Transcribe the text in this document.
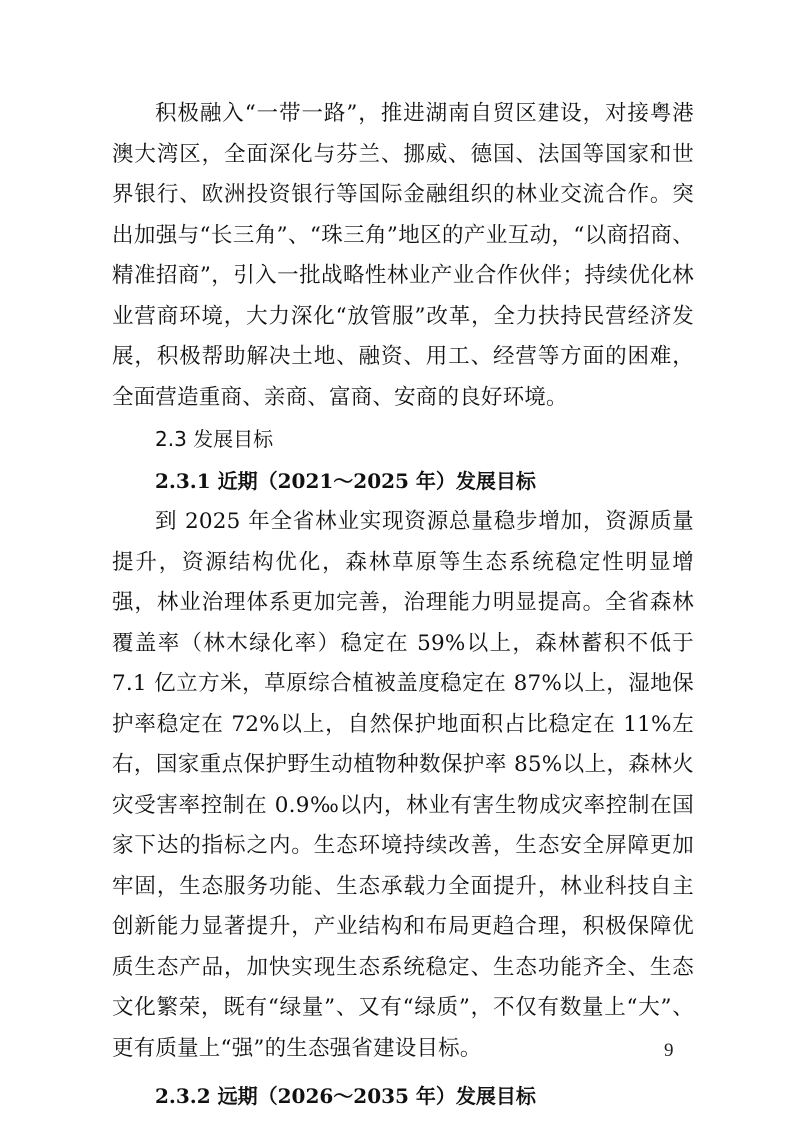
积极融入“一带一路”，推进湖南自贸区建设，对接粤港澳大湾区，全面深化与芬兰、挪威、德国、法国等国家和世界银行、欧洲投资银行等国际金融组织的林业交流合作。突出加强与“长三角”、“珠三角”地区的产业互动，“以商招商、精准招商”，引入一批战略性林业产业合作伙伴；持续优化林业营商环境，大力深化“放管服”改革，全力扶持民营经济发展，积极帮助解决土地、融资、用工、经营等方面的困难，全面营造重商、亲商、富商、安商的良好环境。

2.3 发展目标
2.3.1 近期（2021～2025 年）发展目标

到 2025 年全省林业实现资源总量稳步增加，资源质量提升，资源结构优化，森林草原等生态系统稳定性明显增强，林业治理体系更加完善，治理能力明显提高。全省森林覆盖率（林木绿化率）稳定在 59%以上，森林蓄积不低于 7.1 亿立方米，草原综合植被盖度稳定在 87%以上，湿地保护率稳定在 72%以上，自然保护地面积占比稳定在 11%左右，国家重点保护野生动植物种数保护率 85%以上，森林火灾受害率控制在 0.9‰以内，林业有害生物成灾率控制在国家下达的指标之内。生态环境持续改善，生态安全屏障更加牢固，生态服务功能、生态承载力全面提升，林业科技自主创新能力显著提升，产业结构和布局更趋合理，积极保障优质生态产品，加快实现生态系统稳定、生态功能齐全、生态文化繁荣，既有“绿量”、又有“绿质”，不仅有数量上“大”、更有质量上“强”的生态强省建设目标。

2.3.2 远期（2026～2035 年）发展目标
9
